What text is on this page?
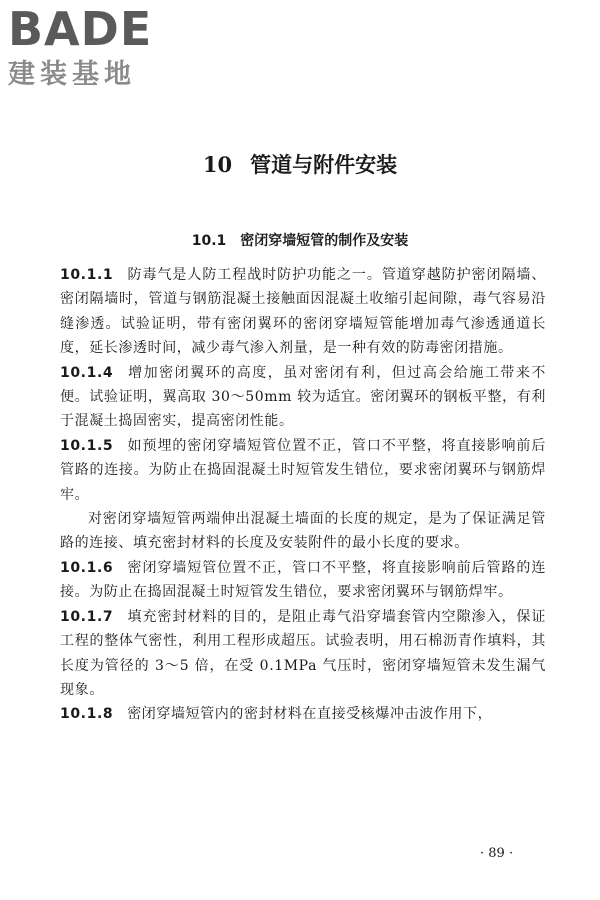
BADE
建装基地
10 管道与附件安装
10.1 密闭穿墙短管的制作及安装

10.1.1 防毒气是人防工程战时防护功能之一。管道穿越防护密闭隔墙、密闭隔墙时，管道与钢筋混凝土接触面因混凝土收缩引起间隙，毒气容易沿缝渗透。试验证明，带有密闭翼环的密闭穿墙短管能增加毒气渗透通道长度，延长渗透时间，减少毒气渗入剂量，是一种有效的防毒密闭措施。

10.1.4 增加密闭翼环的高度，虽对密闭有利，但过高会给施工带来不便。试验证明，翼高取 30～50mm 较为适宜。密闭翼环的钢板平整，有利于混凝土捣固密实，提高密闭性能。

10.1.5 如预埋的密闭穿墙短管位置不正，管口不平整，将直接影响前后管路的连接。为防止在捣固混凝土时短管发生错位，要求密闭翼环与钢筋焊牢。

对密闭穿墙短管两端伸出混凝土墙面的长度的规定，是为了保证满足管路的连接、填充密封材料的长度及安装附件的最小长度的要求。

10.1.6 密闭穿墙短管位置不正，管口不平整，将直接影响前后管路的连接。为防止在捣固混凝土时短管发生错位，要求密闭翼环与钢筋焊牢。

10.1.7 填充密封材料的目的，是阻止毒气沿穿墙套管内空隙渗入，保证工程的整体气密性，利用工程形成超压。试验表明，用石棉沥青作填料，其长度为管径的 3～5 倍，在受 0.1MPa 气压时，密闭穿墙短管未发生漏气现象。

10.1.8 密闭穿墙短管内的密封材料在直接受核爆冲击波作用下，

· 89 ·
